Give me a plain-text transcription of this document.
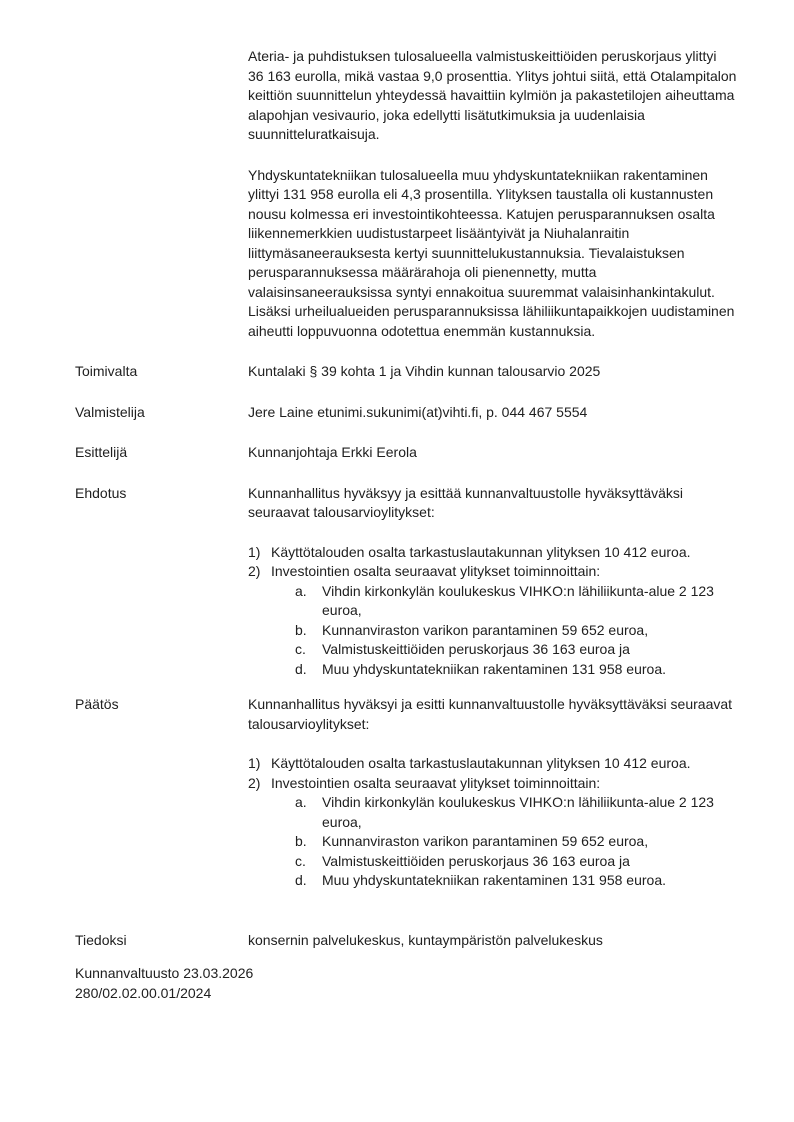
Ateria- ja puhdistuksen tulosalueella valmistuskeittiöiden peruskorjaus ylittyi 36 163 eurolla, mikä vastaa 9,0 prosenttia. Ylitys johtui siitä, että Otalampitalon keittiön suunnittelun yhteydessä havaittiin kylmiön ja pakastetilojen aiheuttama alapohjan vesivaurio, joka edellytti lisätutkimuksia ja uudenlaisia suunnitteluratkaisuja.

Yhdyskuntatekniikan tulosalueella muu yhdyskuntatekniikan rakentaminen ylittyi 131 958 eurolla eli 4,3 prosentilla. Ylityksen taustalla oli kustannusten nousu kolmessa eri investointikohteessa. Katujen perusparannuksen osalta liikennemerkkien uudistustarpeet lisääntyivät ja Niuhalanraitin liittymäsaneerauksesta kertyi suunnittelukustannuksia. Tievalaistuksen perusparannuksessa määrärahoja oli pienennetty, mutta valaisinsaneerauksissa syntyi ennakoitua suuremmat valaisinhankintakulut. Lisäksi urheilualueiden perusparannuksissa lähiliikuntapaikkojen uudistaminen aiheutti loppuvuonna odotettua enemmän kustannuksia.

Toimivalta	Kuntalaki § 39 kohta 1 ja Vihdin kunnan talousarvio 2025
Valmistelija	Jere Laine etunimi.sukunimi(at)vihti.fi, p. 044 467 5554
Esittelijä	Kunnanjohtaja Erkki Eerola
Ehdotus	Kunnanhallitus hyväksyy ja esittää kunnanvaltuustolle hyväksyttäväksi seuraavat talousarvioylitykset:

1) Käyttötalouden osalta tarkastuslautakunnan ylityksen 10 412 euroa.
2) Investointien osalta seuraavat ylitykset toiminnoittain:
a.	Vihdin kirkonkylän koulukeskus VIHKO:n lähiliikunta-alue 2 123 euroa,
b.	Kunnanviraston varikon parantaminen 59 652 euroa,
c.	Valmistuskeittiöiden peruskorjaus 36 163 euroa ja
d.	Muu yhdyskuntatekniikan rakentaminen 131 958 euroa.
Päätös	Kunnanhallitus hyväksyi ja esitti kunnanvaltuustolle hyväksyttäväksi seuraavat talousarvioylitykset:

1) Käyttötalouden osalta tarkastuslautakunnan ylityksen 10 412 euroa.
2) Investointien osalta seuraavat ylitykset toiminnoittain:
a.	Vihdin kirkonkylän koulukeskus VIHKO:n lähiliikunta-alue 2 123 euroa,
b.	Kunnanviraston varikon parantaminen 59 652 euroa,
c.	Valmistuskeittiöiden peruskorjaus 36 163 euroa ja
d.	Muu yhdyskuntatekniikan rakentaminen 131 958 euroa.
Tiedoksi	konsernin palvelukeskus, kuntaympäristön palvelukeskus
Kunnanvaltuusto 23.03.2026
280/02.02.00.01/2024
